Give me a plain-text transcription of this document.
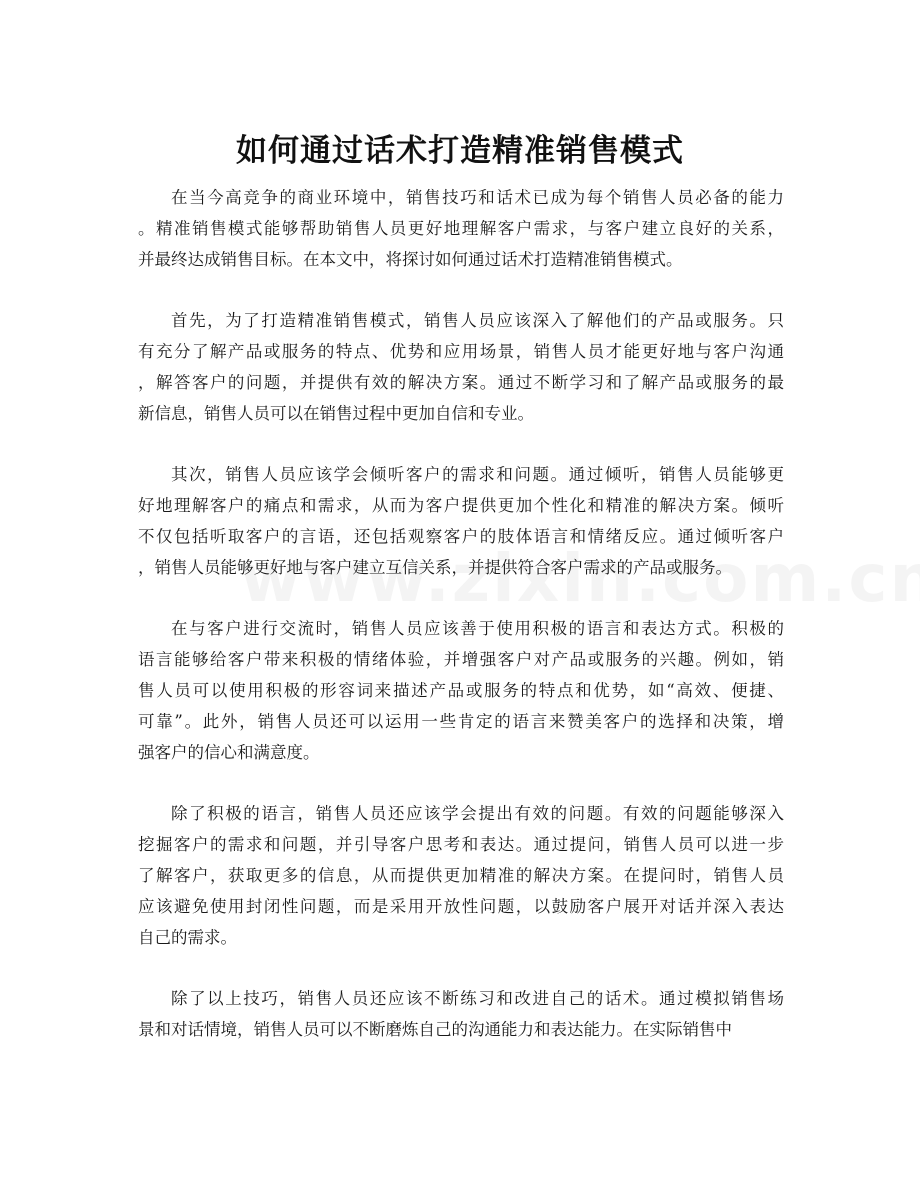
如何通过话术打造精准销售模式

在当今高竞争的商业环境中，销售技巧和话术已成为每个销售人员必备的能力
。精准销售模式能够帮助销售人员更好地理解客户需求，与客户建立良好的关系，
并最终达成销售目标。在本文中，将探讨如何通过话术打造精准销售模式。

首先，为了打造精准销售模式，销售人员应该深入了解他们的产品或服务。只
有充分了解产品或服务的特点、优势和应用场景，销售人员才能更好地与客户沟通
，解答客户的问题，并提供有效的解决方案。通过不断学习和了解产品或服务的最
新信息，销售人员可以在销售过程中更加自信和专业。

其次，销售人员应该学会倾听客户的需求和问题。通过倾听，销售人员能够更
好地理解客户的痛点和需求，从而为客户提供更加个性化和精准的解决方案。倾听
不仅包括听取客户的言语，还包括观察客户的肢体语言和情绪反应。通过倾听客户
，销售人员能够更好地与客户建立互信关系，并提供符合客户需求的产品或服务。

在与客户进行交流时，销售人员应该善于使用积极的语言和表达方式。积极的
语言能够给客户带来积极的情绪体验，并增强客户对产品或服务的兴趣。例如，销
售人员可以使用积极的形容词来描述产品或服务的特点和优势，如“高效、便捷、
可靠”。此外，销售人员还可以运用一些肯定的语言来赞美客户的选择和决策，增
强客户的信心和满意度。

除了积极的语言，销售人员还应该学会提出有效的问题。有效的问题能够深入
挖掘客户的需求和问题，并引导客户思考和表达。通过提问，销售人员可以进一步
了解客户，获取更多的信息，从而提供更加精准的解决方案。在提问时，销售人员
应该避免使用封闭性问题，而是采用开放性问题，以鼓励客户展开对话并深入表达
自己的需求。

除了以上技巧，销售人员还应该不断练习和改进自己的话术。通过模拟销售场
景和对话情境，销售人员可以不断磨炼自己的沟通能力和表达能力。在实际销售中
